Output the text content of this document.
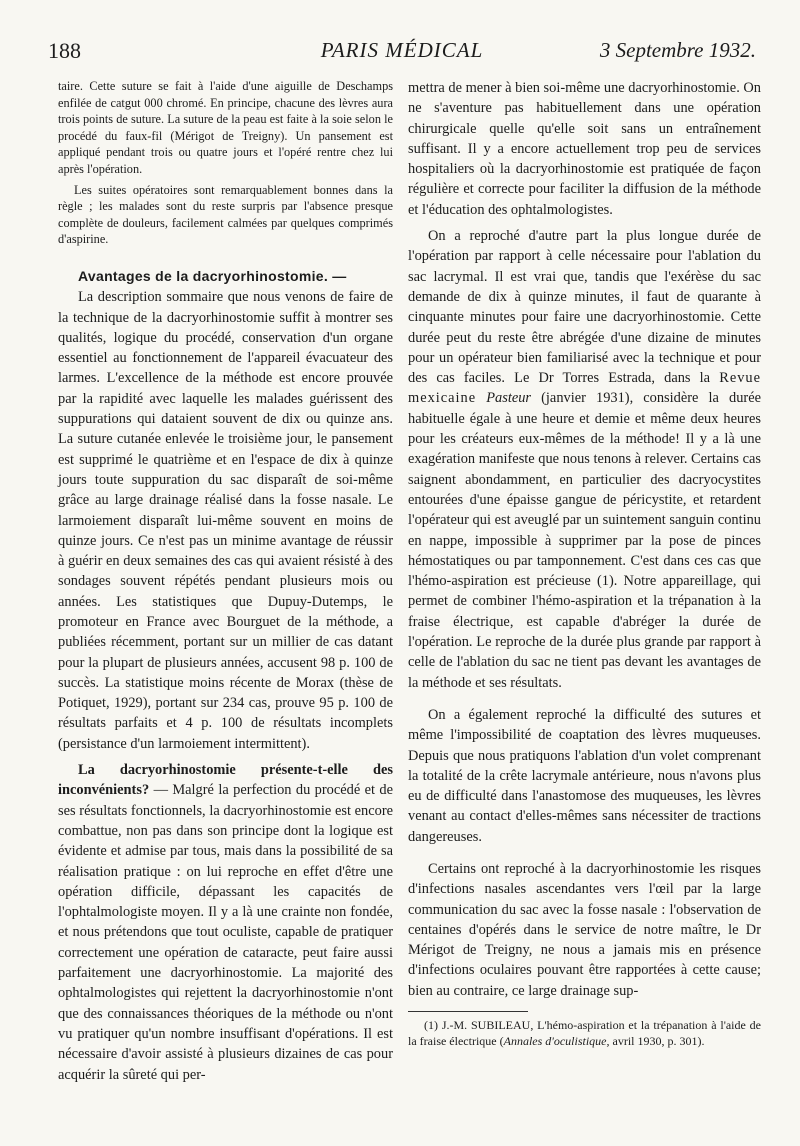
188	PARIS MÉDICAL	3 Septembre 1932.

taire. Cette suture se fait à l'aide d'une aiguille de Deschamps enfilée de catgut 000 chromé. En principe, chacune des lèvres aura trois points de suture. La suture de la peau est faite à la soie selon le procédé du faux-fil (Mérigot de Treigny). Un pansement est appliqué pendant trois ou quatre jours et l'opéré rentre chez lui après l'opération.

Les suites opératoires sont remarquablement bonnes dans la règle ; les malades sont du reste surpris par l'absence presque complète de douleurs, facilement calmées par quelques comprimés d'aspirine.

Avantages de la dacryorhinostomie. —

La description sommaire que nous venons de faire de la technique de la dacryorhinostomie suffit à montrer ses qualités, logique du procédé, conservation d'un organe essentiel au fonctionnement de l'appareil évacuateur des larmes. L'excellence de la méthode est encore prouvée par la rapidité avec laquelle les malades guérissent des suppurations qui dataient souvent de dix ou quinze ans. La suture cutanée enlevée le troisième jour, le pansement est supprimé le quatrième et en l'espace de dix à quinze jours toute suppuration du sac disparaît de soi-même grâce au large drainage réalisé dans la fosse nasale. Le larmoiement disparaît lui-même souvent en moins de quinze jours. Ce n'est pas un minime avantage de réussir à guérir en deux semaines des cas qui avaient résisté à des sondages souvent répétés pendant plusieurs mois ou années. Les statistiques que Dupuy-Dutemps, le promoteur en France avec Bourguet de la méthode, a publiées récemment, portant sur un millier de cas datant pour la plupart de plusieurs années, accusent 98 p. 100 de succès. La statistique moins récente de Morax (thèse de Potiquet, 1929), portant sur 234 cas, prouve 95 p. 100 de résultats parfaits et 4 p. 100 de résultats incomplets (persistance d'un larmoiement intermittent).

La dacryorhinostomie présente-t-elle des inconvénients? — Malgré la perfection du procédé et de ses résultats fonctionnels, la dacryorhinostomie est encore combattue, non pas dans son principe dont la logique est évidente et admise par tous, mais dans la possibilité de sa réalisation pratique : on lui reproche en effet d'être une opération difficile, dépassant les capacités de l'ophtalmologiste moyen. Il y a là une crainte non fondée, et nous prétendons que tout oculiste, capable de pratiquer correctement une opération de cataracte, peut faire aussi parfaitement une dacryorhinostomie. La majorité des ophtalmologistes qui rejettent la dacryorhinostomie n'ont que des connaissances théoriques de la méthode ou n'ont vu pratiquer qu'un nombre insuffisant d'opérations. Il est nécessaire d'avoir assisté à plusieurs dizaines de cas pour acquérir la sûreté qui per-

mettra de mener à bien soi-même une dacryorhinostomie. On ne s'aventure pas habituellement dans une opération chirurgicale quelle qu'elle soit sans un entraînement suffisant. Il y a encore actuellement trop peu de services hospitaliers où la dacryorhinostomie est pratiquée de façon régulière et correcte pour faciliter la diffusion de la méthode et l'éducation des ophtalmologistes.

On a reproché d'autre part la plus longue durée de l'opération par rapport à celle nécessaire pour l'ablation du sac lacrymal. Il est vrai que, tandis que l'exérèse du sac demande de dix à quinze minutes, il faut de quarante à cinquante minutes pour faire une dacryorhinostomie. Cette durée peut du reste être abrégée d'une dizaine de minutes pour un opérateur bien familiarisé avec la technique et pour des cas faciles. Le Dr Torres Estrada, dans la Revue mexicaine Pasteur (janvier 1931), considère la durée habituelle égale à une heure et demie et même deux heures pour les créateurs eux-mêmes de la méthode! Il y a là une exagération manifeste que nous tenons à relever. Certains cas saignent abondamment, en particulier des dacryocystites entourées d'une épaisse gangue de péricystite, et retardent l'opérateur qui est aveuglé par un suintement sanguin continu en nappe, impossible à supprimer par la pose de pinces hémostatiques ou par tamponnement. C'est dans ces cas que l'hémo-aspiration est précieuse (1). Notre appareillage, qui permet de combiner l'hémo-aspiration et la trépanation à la fraise électrique, est capable d'abréger la durée de l'opération. Le reproche de la durée plus grande par rapport à celle de l'ablation du sac ne tient pas devant les avantages de la méthode et ses résultats.

On a également reproché la difficulté des sutures et même l'impossibilité de coaptation des lèvres muqueuses. Depuis que nous pratiquons l'ablation d'un volet comprenant la totalité de la crête lacrymale antérieure, nous n'avons plus eu de difficulté dans l'anastomose des muqueuses, les lèvres venant au contact d'elles-mêmes sans nécessiter de tractions dangereuses.

Certains ont reproché à la dacryorhinostomie les risques d'infections nasales ascendantes vers l'œil par la large communication du sac avec la fosse nasale : l'observation de centaines d'opérés dans le service de notre maître, le Dr Mérigot de Treigny, ne nous a jamais mis en présence d'infections oculaires pouvant être rapportées à cette cause; bien au contraire, ce large drainage sup-

(1) J.-M. SUBILEAU, L'hémo-aspiration et la trépanation à l'aide de la fraise électrique (Annales d'oculistique, avril 1930, p. 301).
